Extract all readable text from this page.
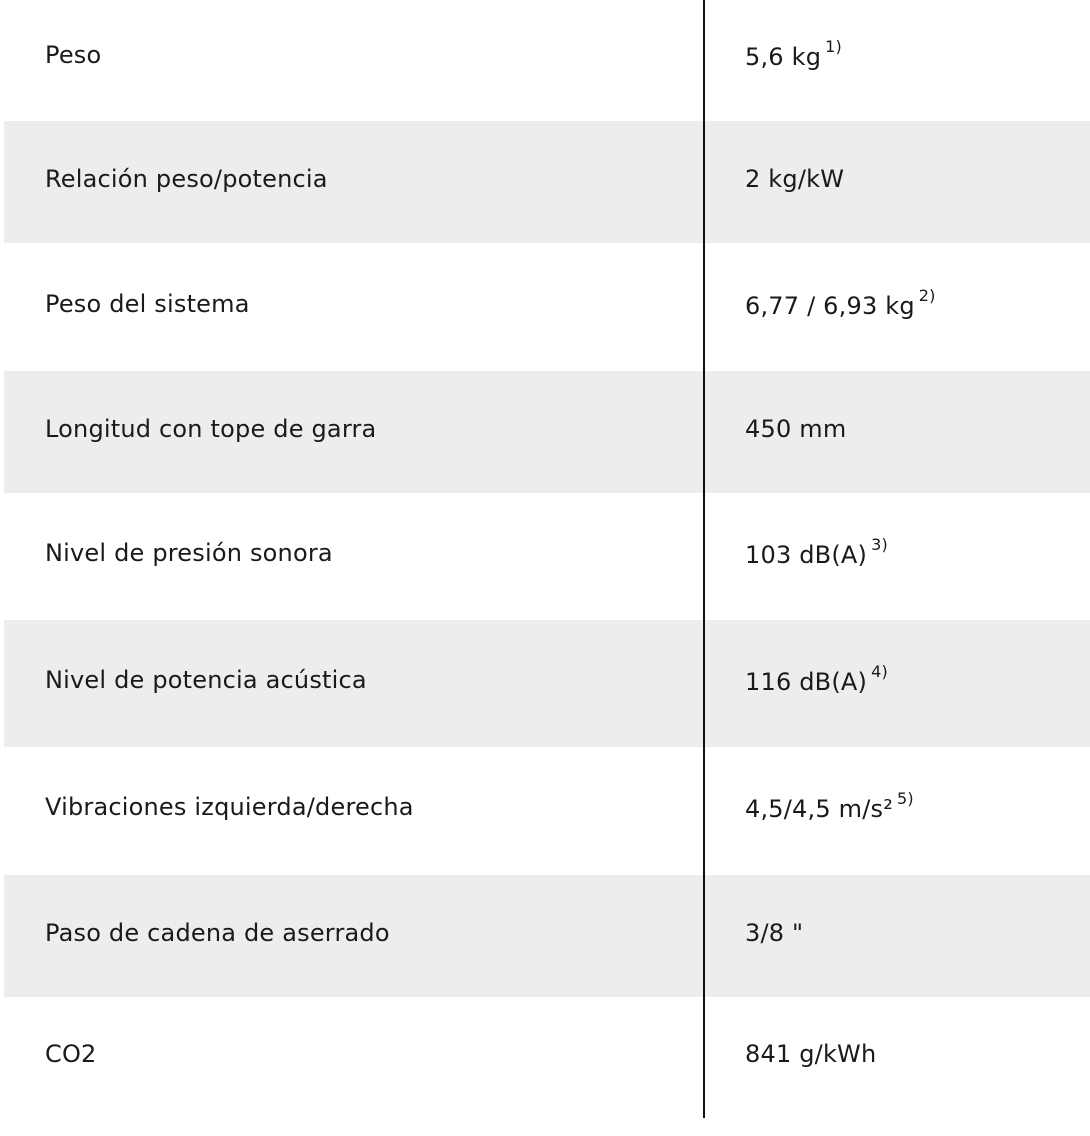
Peso	5,6 kg $^{1)}$
Relación peso/potencia	2 kg/kW
Peso del sistema	6,77 / 6,93 kg $^{2)}$
Longitud con tope de garra	450 mm
Nivel de presión sonora	103 dB(A) $^{3)}$
Nivel de potencia acústica	116 dB(A) $^{4)}$
Vibraciones izquierda/derecha	4,5/4,5 m/s² $^{5)}$
Paso de cadena de aserrado	3/8 "
CO2	841 g/kWh
